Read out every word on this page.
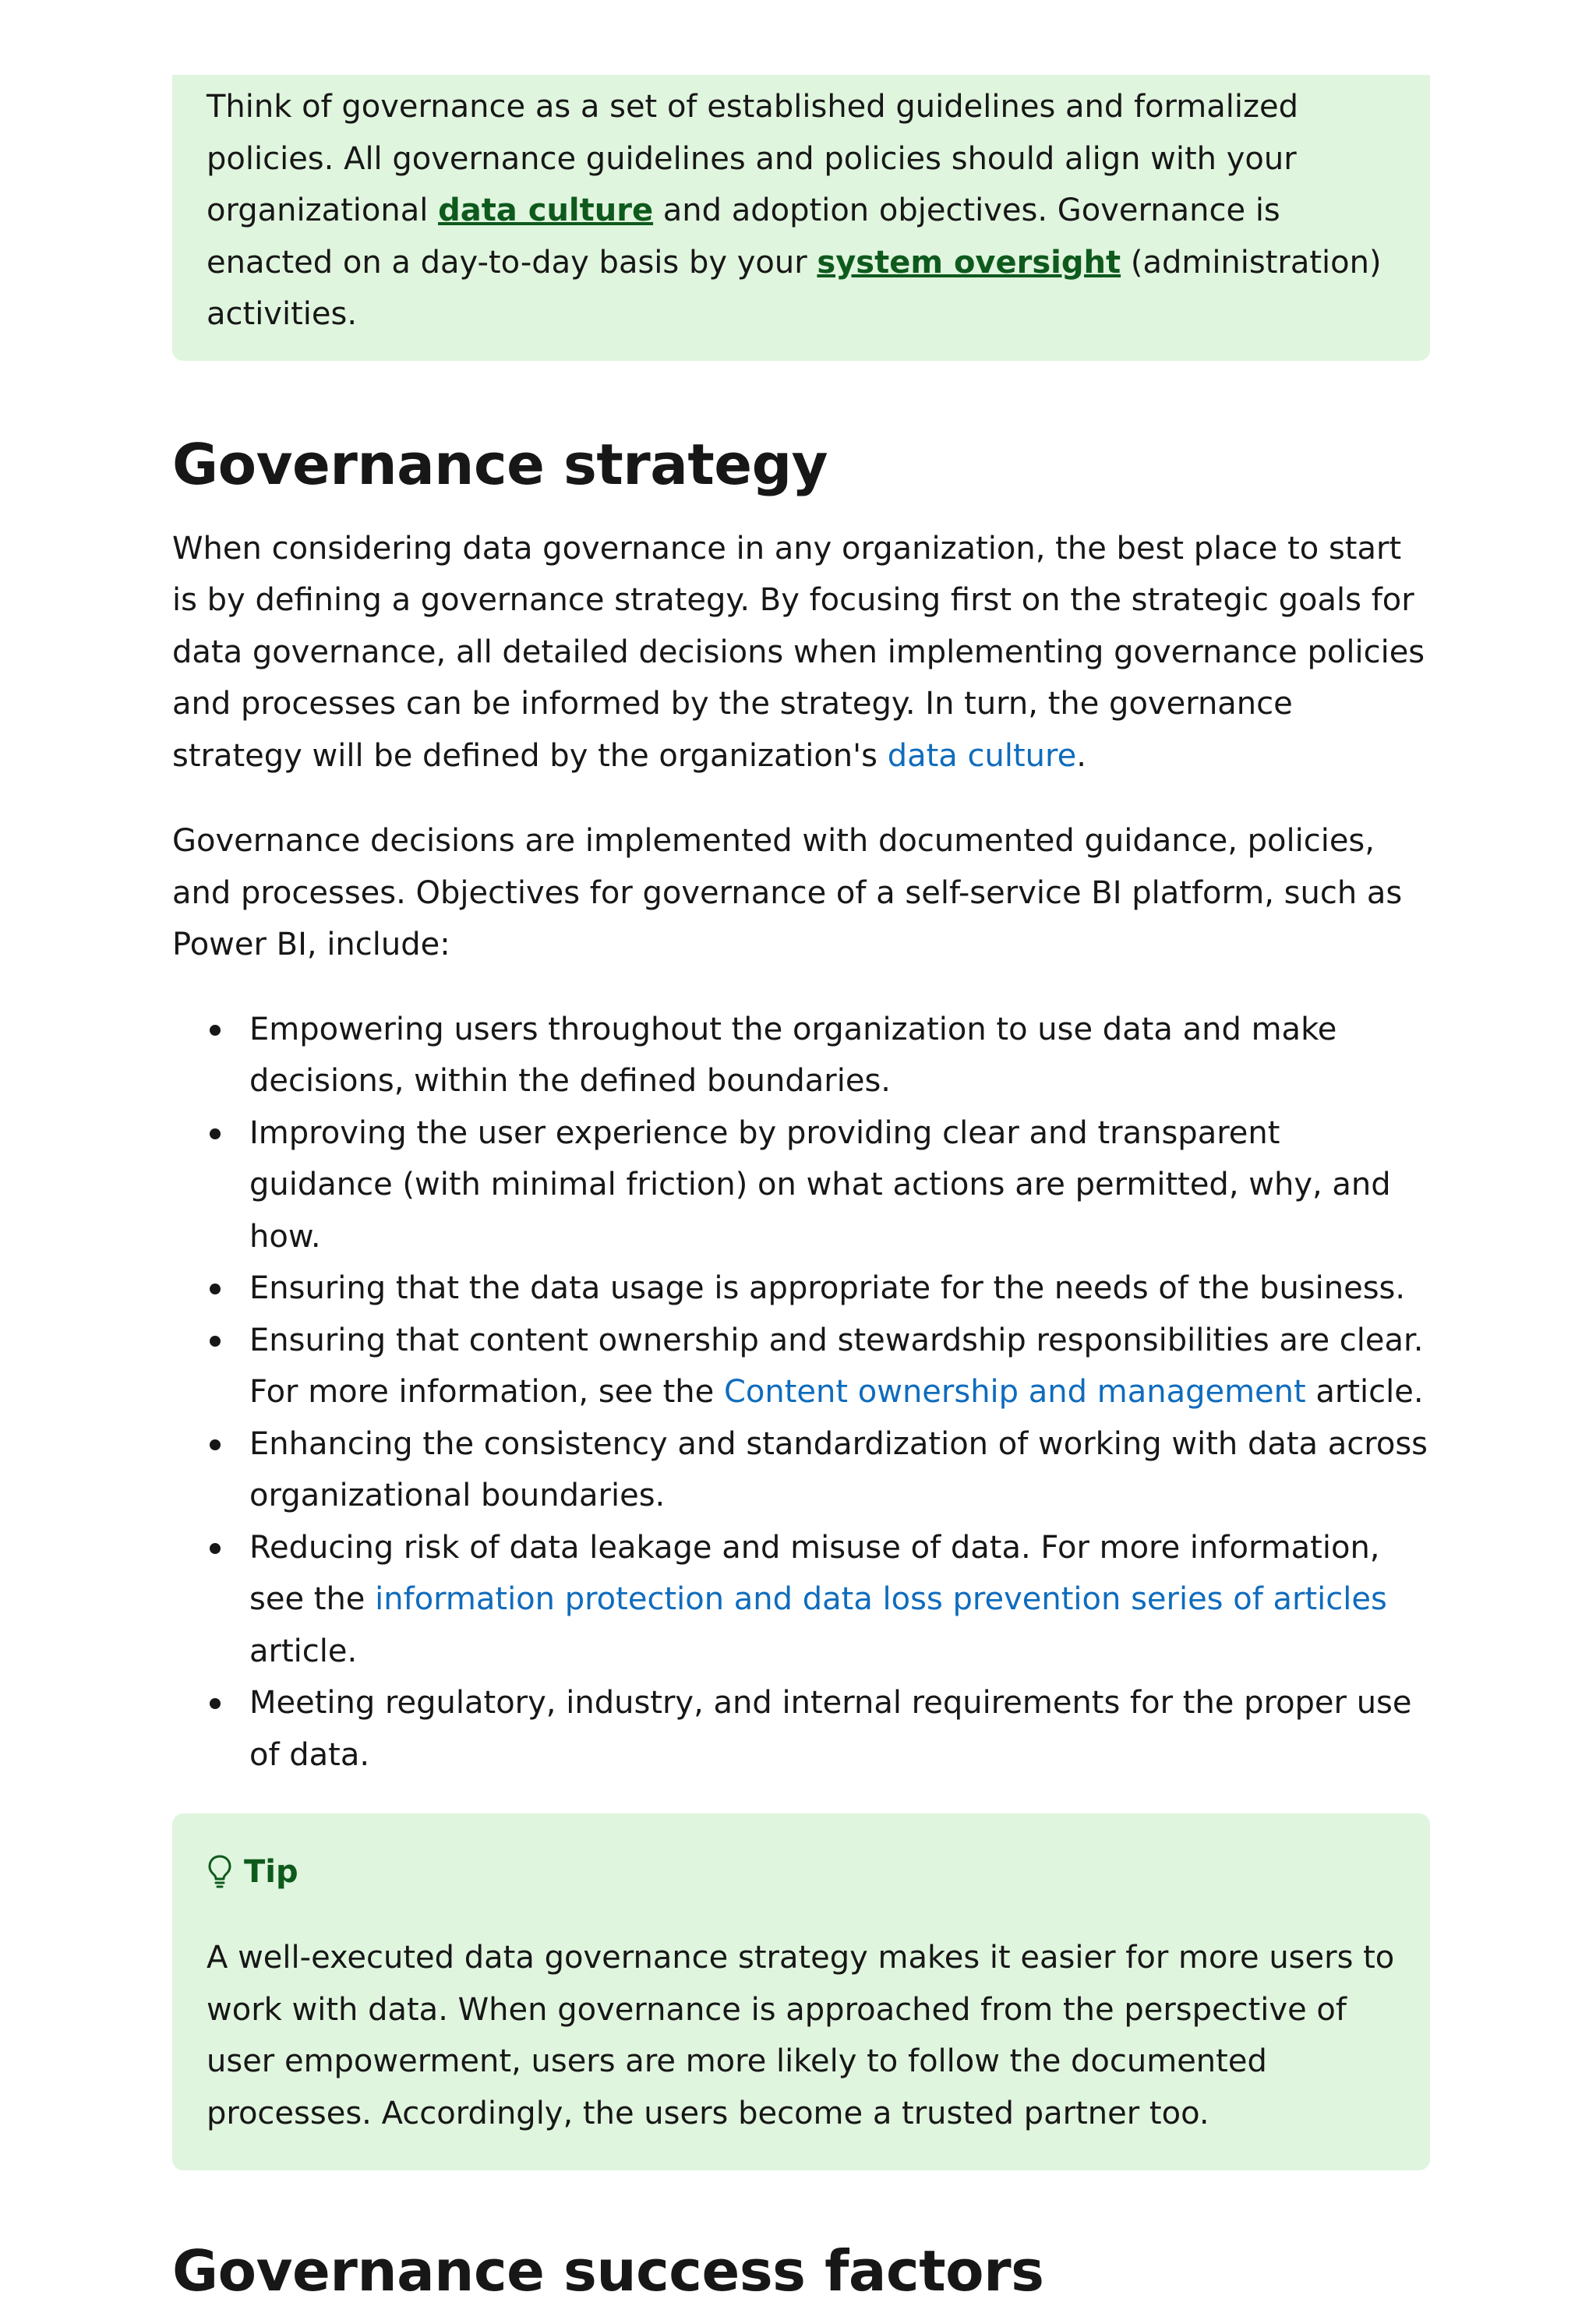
Think of governance as a set of established guidelines and formalized policies. All governance guidelines and policies should align with your organizational data culture and adoption objectives. Governance is enacted on a day-to-day basis by your system oversight (administration) activities.

Governance strategy

When considering data governance in any organization, the best place to start is by defining a governance strategy. By focusing first on the strategic goals for data governance, all detailed decisions when implementing governance policies and processes can be informed by the strategy. In turn, the governance strategy will be defined by the organization's data culture.

Governance decisions are implemented with documented guidance, policies, and processes. Objectives for governance of a self-service BI platform, such as Power BI, include:

Empowering users throughout the organization to use data and make decisions, within the defined boundaries.
Improving the user experience by providing clear and transparent guidance (with minimal friction) on what actions are permitted, why, and how.
Ensuring that the data usage is appropriate for the needs of the business.
Ensuring that content ownership and stewardship responsibilities are clear. For more information, see the Content ownership and management article.
Enhancing the consistency and standardization of working with data across organizational boundaries.
Reducing risk of data leakage and misuse of data. For more information, see the information protection and data loss prevention series of articles article.
Meeting regulatory, industry, and internal requirements for the proper use of data.
Tip

A well-executed data governance strategy makes it easier for more users to work with data. When governance is approached from the perspective of user empowerment, users are more likely to follow the documented processes. Accordingly, the users become a trusted partner too.

Governance success factors
